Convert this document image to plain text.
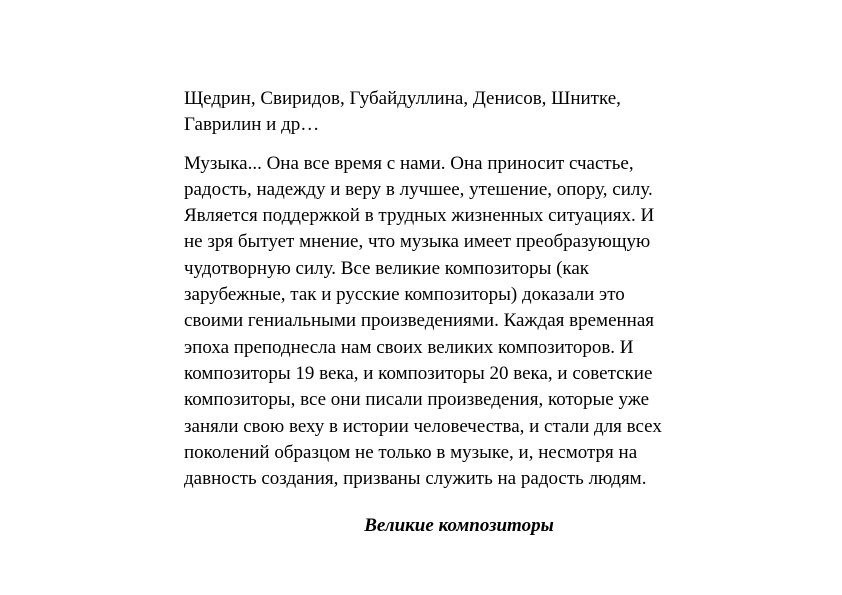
Щедрин, Свиридов, Губайдуллина, Денисов, Шнитке,
Гаврилин и др…
Музыка... Она все время с нами. Она приносит счастье,
радость, надежду и веру в лучшее, утешение, опору, силу.
Является поддержкой в трудных жизненных ситуациях. И
не зря бытует мнение, что музыка имеет преобразующую
чудотворную силу. Все великие композиторы (как
зарубежные, так и русские композиторы) доказали это
своими гениальными произведениями. Каждая временная
эпоха преподнесла нам своих великих композиторов. И
композиторы 19 века, и композиторы 20 века, и советские
композиторы, все они писали произведения, которые уже
заняли свою веху в истории человечества, и стали для всех
поколений образцом не только в музыке, и, несмотря на
давность создания, призваны служить на радость людям.
Великие композиторы
